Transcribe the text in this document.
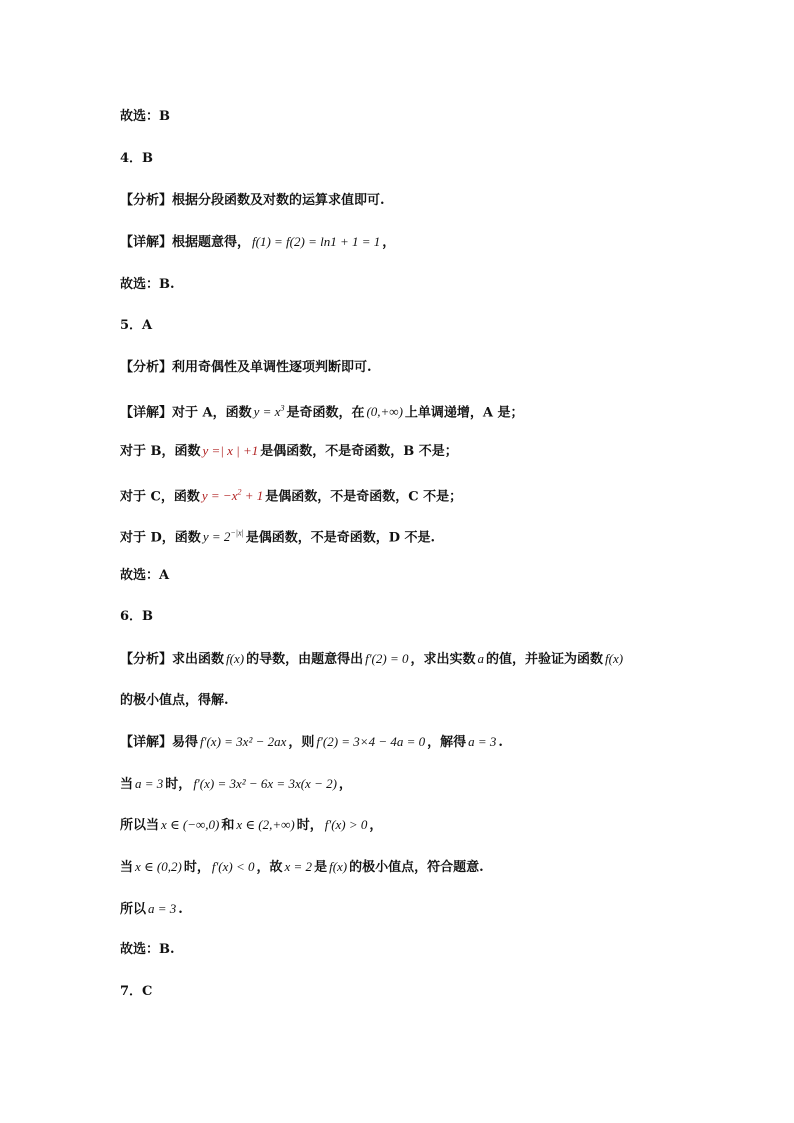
故选：B
4．B
【分析】根据分段函数及对数的运算求值即可.
【详解】根据题意得， f(1) = f(2) = ln1 + 1 = 1 ，
故选：B.
5．A
【分析】利用奇偶性及单调性逐项判断即可.
【详解】对于 A，函数 $y = x^3$ 是奇函数，在 (0,+∞) 上单调递增，A 是；
对于 B，函数 y =| x | +1 是偶函数，不是奇函数，B 不是；
对于 C，函数 $y = -x^2 + 1$ 是偶函数，不是奇函数，C 不是；
对于 D，函数 $y = 2^{-|x|}$ 是偶函数，不是奇函数，D 不是.
故选：A
6．B
【分析】求出函数 f(x) 的导数，由题意得出 f′(2) = 0 ，求出实数 a 的值，并验证为函数 f(x)
的极小值点，得解.
【详解】易得 f′(x) = 3x² − 2ax ，则 f′(2) = 3×4 − 4a = 0 ，解得 a = 3 .
当 a = 3 时， f′(x) = 3x² − 6x = 3x(x − 2) ，
所以当 x ∈ (−∞,0) 和 x ∈ (2,+∞) 时， f′(x) > 0 ，
当 x ∈ (0,2) 时， f′(x) < 0 ，故 x = 2 是 f(x) 的极小值点，符合题意.
所以 a = 3 .
故选：B.
7．C
